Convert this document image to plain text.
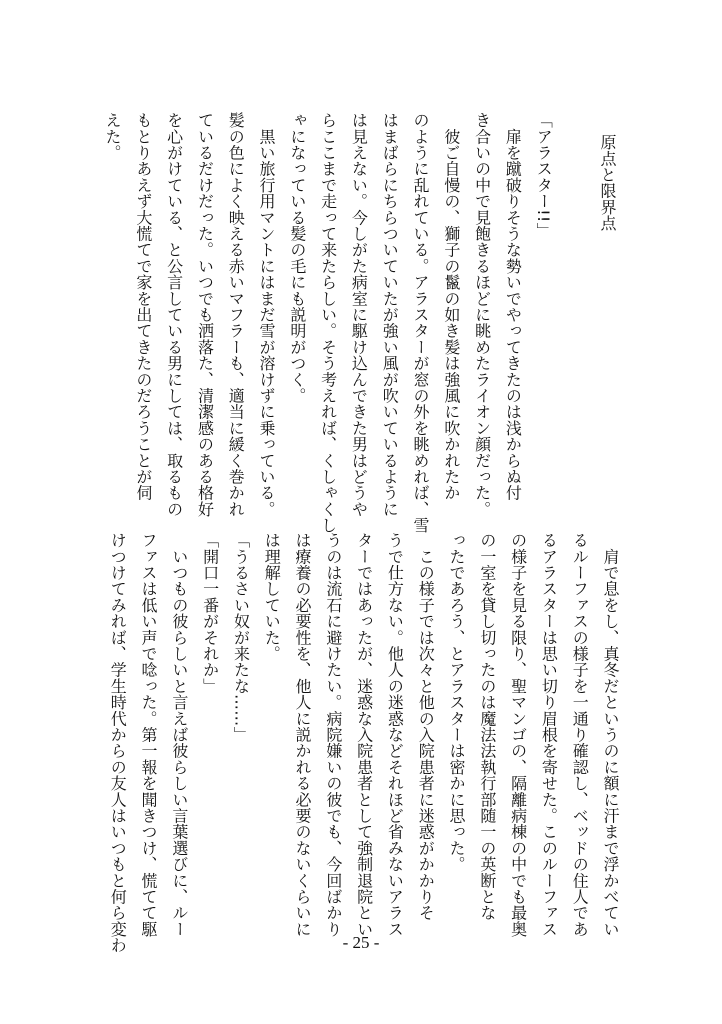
原点と限界点
「アラスター!!」
　扉を蹴破りそうな勢いでやってきたのは浅からぬ付
き合いの中で見飽きるほどに眺めたライオン顔だった。
　彼ご自慢の、獅子の鬣の如き髪は強風に吹かれたか
のように乱れている。アラスターが窓の外を眺めれば、雪
はまばらにちらついていたが強い風が吹いているように
は見えない。今しがた病室に駆け込んできた男はどうや
らここまで走って来たらしい。そう考えれば、くしゃくし
ゃになっている髪の毛にも説明がつく。
　黒い旅行用マントにはまだ雪が溶けずに乗っている。
髪の色によく映える赤いマフラーも、適当に緩く巻かれ
ているだけだった。いつでも洒落た、清潔感のある格好
を心がけている、と公言している男にしては、取るもの
もとりあえず大慌てで家を出てきたのだろうことが伺
えた。
　肩で息をし、真冬だというのに額に汗まで浮かべてい
るルーファスの様子を一通り確認し、ベッドの住人であ
るアラスターは思い切り眉根を寄せた。このルーファス
の様子を見る限り、聖マンゴの、隔離病棟の中でも最奥
の一室を貸し切ったのは魔法法執行部随一の英断とな
ったであろう、とアラスターは密かに思った。
　この様子では次々と他の入院患者に迷惑がかかりそ
うで仕方ない。他人の迷惑などそれほど省みないアラス
ターではあったが、迷惑な入院患者として強制退院とい
うのは流石に避けたい。病院嫌いの彼でも、今回ばかり
は療養の必要性を、他人に説かれる必要のないくらいに
は理解していた。
「うるさい奴が来たな……」
「開口一番がそれか」
　いつもの彼らしいと言えば彼らしい言葉選びに、ルー
ファスは低い声で唸った。第一報を聞きつけ、慌てて駆
けつけてみれば、学生時代からの友人はいつもと何ら変わ	- 25 -
